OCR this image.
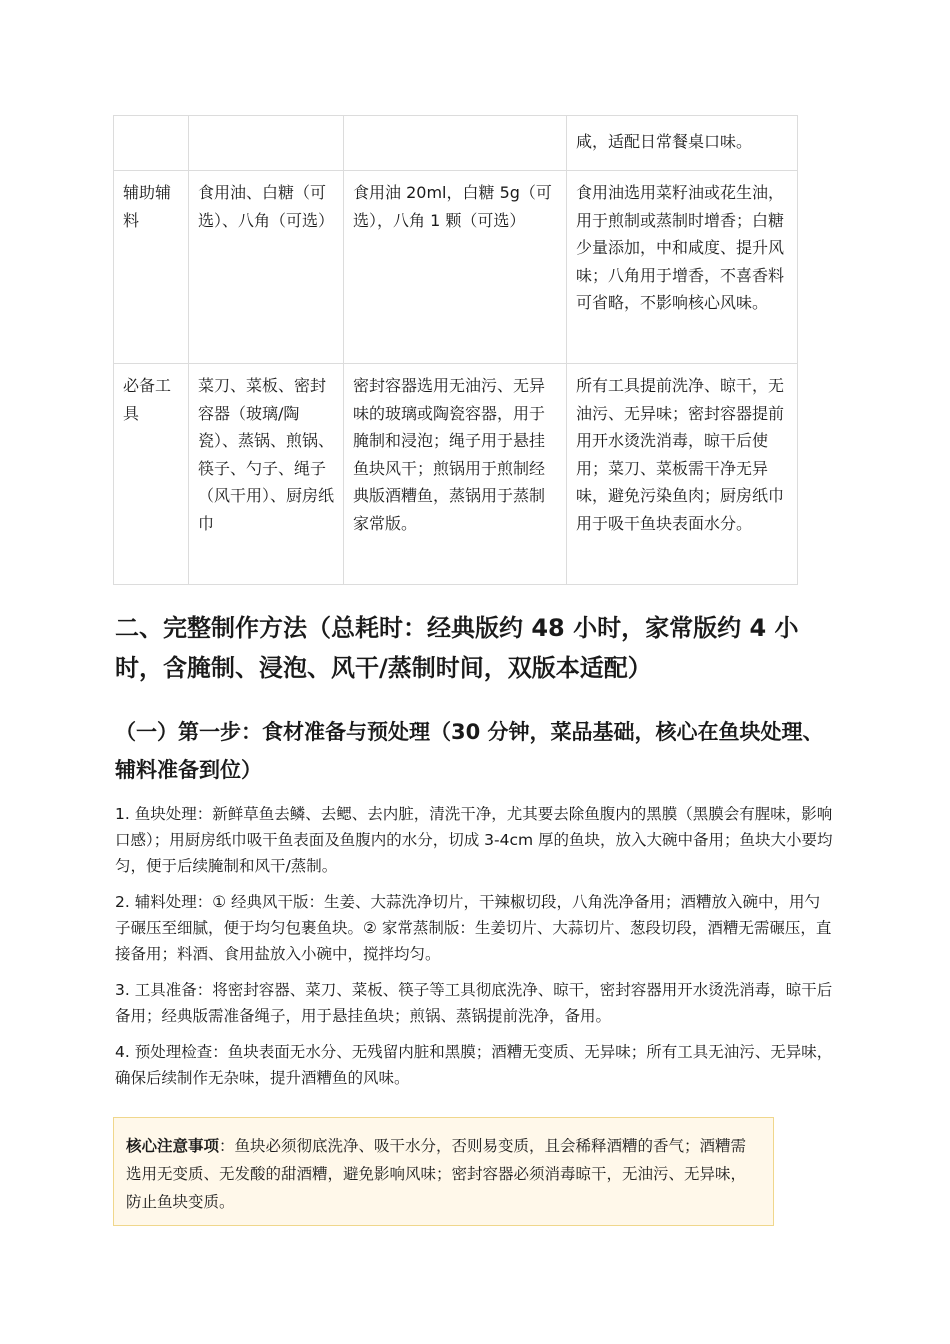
			咸，适配日常餐桌口味。
辅助辅料	食用油、白糖（可选）、八角（可选）	食用油 20ml，白糖 5g（可选），八角 1 颗（可选）	食用油选用菜籽油或花生油，用于煎制或蒸制时增香；白糖少量添加，中和咸度、提升风味；八角用于增香，不喜香料可省略，不影响核心风味。
必备工具	菜刀、菜板、密封容器（玻璃/陶瓷）、蒸锅、煎锅、筷子、勺子、绳子（风干用）、厨房纸巾	密封容器选用无油污、无异味的玻璃或陶瓷容器，用于腌制和浸泡；绳子用于悬挂鱼块风干；煎锅用于煎制经典版酒糟鱼，蒸锅用于蒸制家常版。	所有工具提前洗净、晾干，无油污、无异味；密封容器提前用开水烫洗消毒，晾干后使用；菜刀、菜板需干净无异味，避免污染鱼肉；厨房纸巾用于吸干鱼块表面水分。
二、完整制作方法（总耗时：经典版约 48 小时，家常版约 4 小时，含腌制、浸泡、风干/蒸制时间，双版本适配）
（一）第一步：食材准备与预处理（30 分钟，菜品基础，核心在鱼块处理、辅料准备到位）

1. 鱼块处理：新鲜草鱼去鳞、去鳃、去内脏，清洗干净，尤其要去除鱼腹内的黑膜（黑膜会有腥味，影响口感）；用厨房纸巾吸干鱼表面及鱼腹内的水分，切成 3-4cm 厚的鱼块，放入大碗中备用；鱼块大小要均匀，便于后续腌制和风干/蒸制。

2. 辅料处理：① 经典风干版：生姜、大蒜洗净切片，干辣椒切段，八角洗净备用；酒糟放入碗中，用勺子碾压至细腻，便于均匀包裹鱼块。② 家常蒸制版：生姜切片、大蒜切片、葱段切段，酒糟无需碾压，直接备用；料酒、食用盐放入小碗中，搅拌均匀。

3. 工具准备：将密封容器、菜刀、菜板、筷子等工具彻底洗净、晾干，密封容器用开水烫洗消毒，晾干后备用；经典版需准备绳子，用于悬挂鱼块；煎锅、蒸锅提前洗净，备用。

4. 预处理检查：鱼块表面无水分、无残留内脏和黑膜；酒糟无变质、无异味；所有工具无油污、无异味，确保后续制作无杂味，提升酒糟鱼的风味。

核心注意事项：鱼块必须彻底洗净、吸干水分，否则易变质，且会稀释酒糟的香气；酒糟需选用无变质、无发酸的甜酒糟，避免影响风味；密封容器必须消毒晾干，无油污、无异味，防止鱼块变质。
